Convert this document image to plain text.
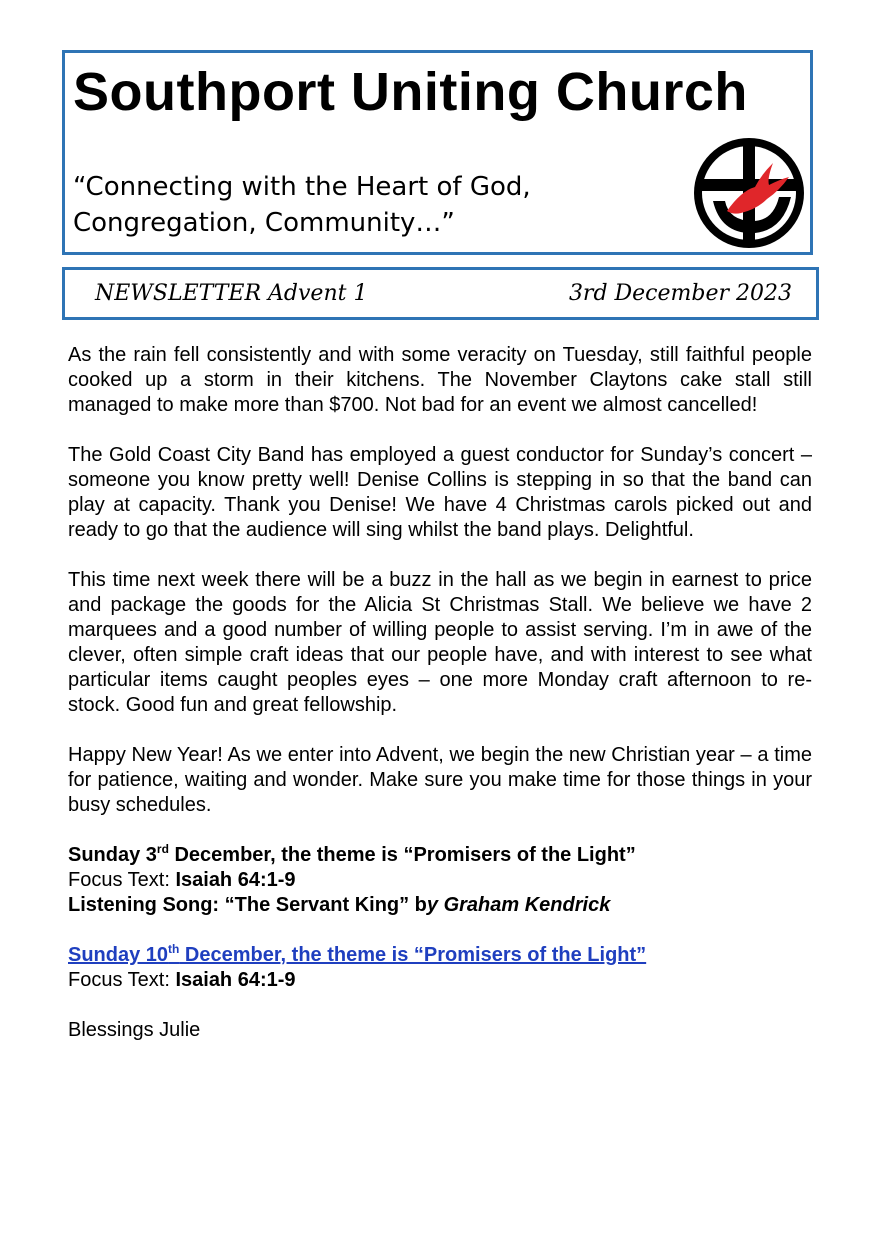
Southport Uniting Church
“Connecting with the Heart of God,
Congregation, Community…”
NEWSLETTER Advent 1	3rd December 2023

As the rain fell consistently and with some veracity on Tuesday, still faithful people cooked up a storm in their kitchens. The November Claytons cake stall still managed to make more than $700. Not bad for an event we almost cancelled!

The Gold Coast City Band has employed a guest conductor for Sunday’s concert – someone you know pretty well! Denise Collins is stepping in so that the band can play at capacity. Thank you Denise! We have 4 Christmas carols picked out and ready to go that the audience will sing whilst the band plays. Delightful.

This time next week there will be a buzz in the hall as we begin in earnest to price and package the goods for the Alicia St Christmas Stall. We believe we have 2 marquees and a good number of willing people to assist serving. I’m in awe of the clever, often simple craft ideas that our people have, and with interest to see what particular items caught peoples eyes – one more Monday craft afternoon to re-stock. Good fun and great fellowship.

Happy New Year! As we enter into Advent, we begin the new Christian year – a time for patience, waiting and wonder. Make sure you make time for those things in your busy schedules.

Sunday 3rd December, the theme is “Promisers of the Light”
Focus Text: Isaiah 64:1-9
Listening Song: “The Servant King” by Graham Kendrick
Sunday 10th December, the theme is “Promisers of the Light”
Focus Text: Isaiah 64:1-9
Blessings Julie
